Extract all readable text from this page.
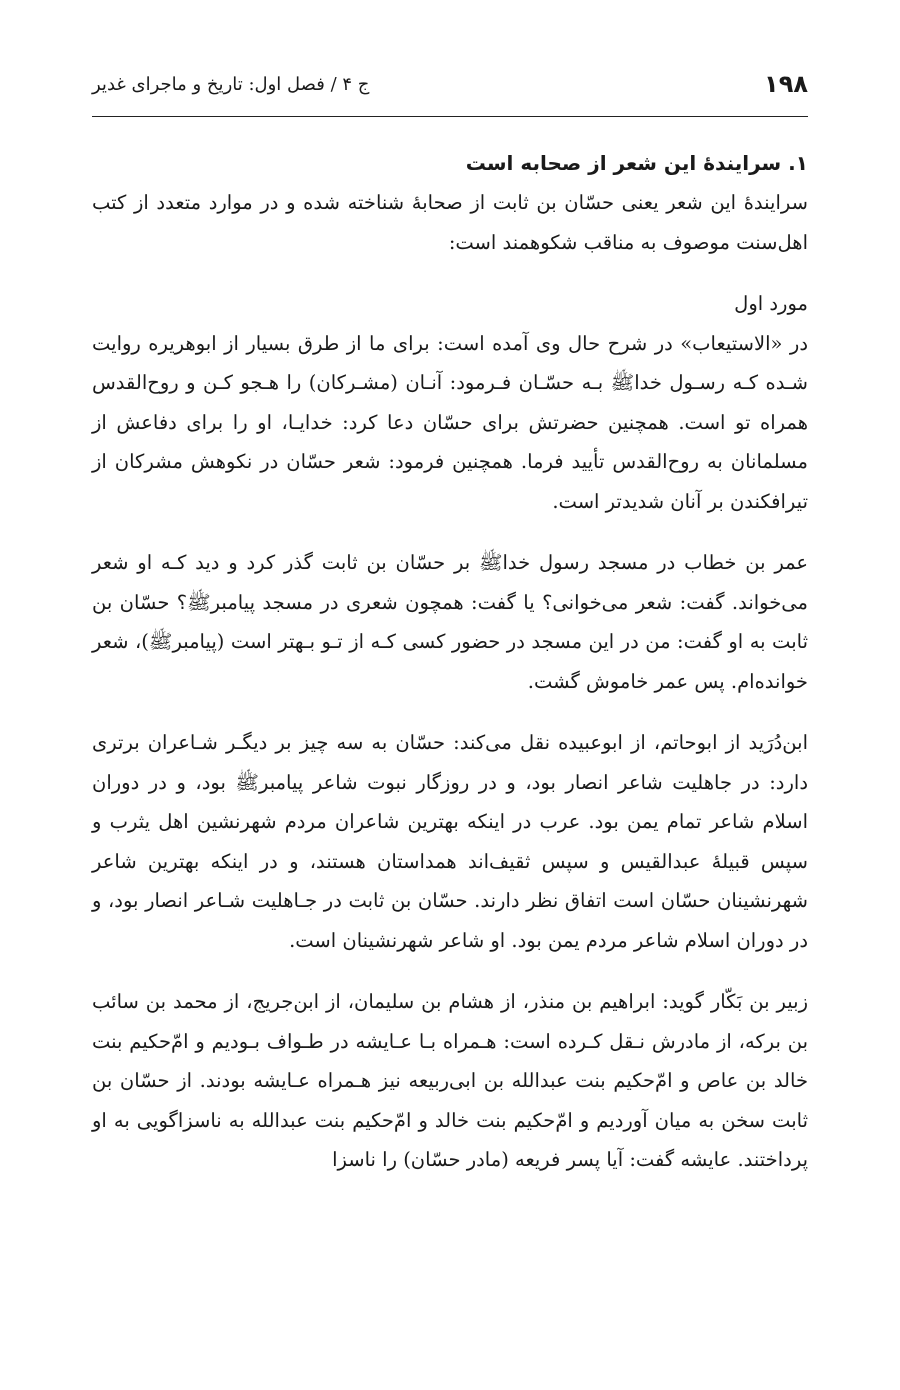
۱۹۸
ج ۴ / فصل اول: تاریخ و ماجرای غدیر

۱. سرایندهٔ این شعر از صحابه است

سرایندهٔ این شعر یعنی حسّان بن ثابت از صحابهٔ شناخته شده و در موارد متعدد از کتب اهل‌سنت موصوف به مناقب شکوهمند است:

مورد اول

در «الاستیعاب» در شرح حال وی آمده است: برای ما از طرق بسیار از ابوهریره روایت شـده کـه رسـول خداﷺ بـه حسّـان فـرمود: آنـان (مشـرکان) را هـجو کـن و روح‌القدس همراه تو است. همچنین حضرتش برای حسّان دعا کرد: خدایـا، او را برای دفاعش از مسلمانان به روح‌القدس تأیید فرما. همچنین فرمود: شعر حسّان در نکوهش مشرکان از تیرافکندن بر آنان شدیدتر است.

عمر بن خطاب در مسجد رسول خداﷺ بر حسّان بن ثابت گذر کرد و دید کـه او شعر می‌خواند. گفت: شعر می‌خوانی؟ یا گفت: همچون شعری در مسجد پیامبرﷺ؟ حسّان بن ثابت به او گفت: من در این مسجد در حضور کسی کـه از تـو بـهتر است (پیامبرﷺ)، شعر خوانده‌ام. پس عمر خاموش گشت.

ابن‌دُرَید از ابوحاتم، از ابوعبیده نقل می‌کند: حسّان به سه چیز بر دیگـر شـاعران برتری دارد: در جاهلیت شاعر انصار بود، و در روزگار نبوت شاعر پیامبرﷺ بود، و در دوران اسلام شاعر تمام یمن بود. عرب در اینکه بهترین شاعران مردم شهرنشین اهل یثرب و سپس قبیلهٔ عبدالقیس و سپس ثقیف‌اند همداستان هستند، و در اینکه بهترین شاعر شهرنشینان حسّان است اتفاق نظر دارند. حسّان بن ثابت در جـاهلیت شـاعر انصار بود، و در دوران اسلام شاعر مردم یمن بود. او شاعر شهرنشینان است.

زبیر بن بَکّار گوید: ابراهیم بن منذر، از هشام بن سلیمان، از ابن‌جریج، از محمد بن سائب بن برکه، از مادرش نـقل کـرده است: هـمراه بـا عـایشه در طـواف بـودیم و امّ‌حکیم بنت خالد بن عاص و امّ‌حکیم بنت عبدالله بن ابی‌ربیعه نیز هـمراه عـایشه بودند. از حسّان بن ثابت سخن به میان آوردیم و امّ‌حکیم بنت خالد و امّ‌حکیم بنت عبدالله به ناسزاگویی به او پرداختند. عایشه گفت: آیا پسر فریعه (مادر حسّان) را ناسزا
